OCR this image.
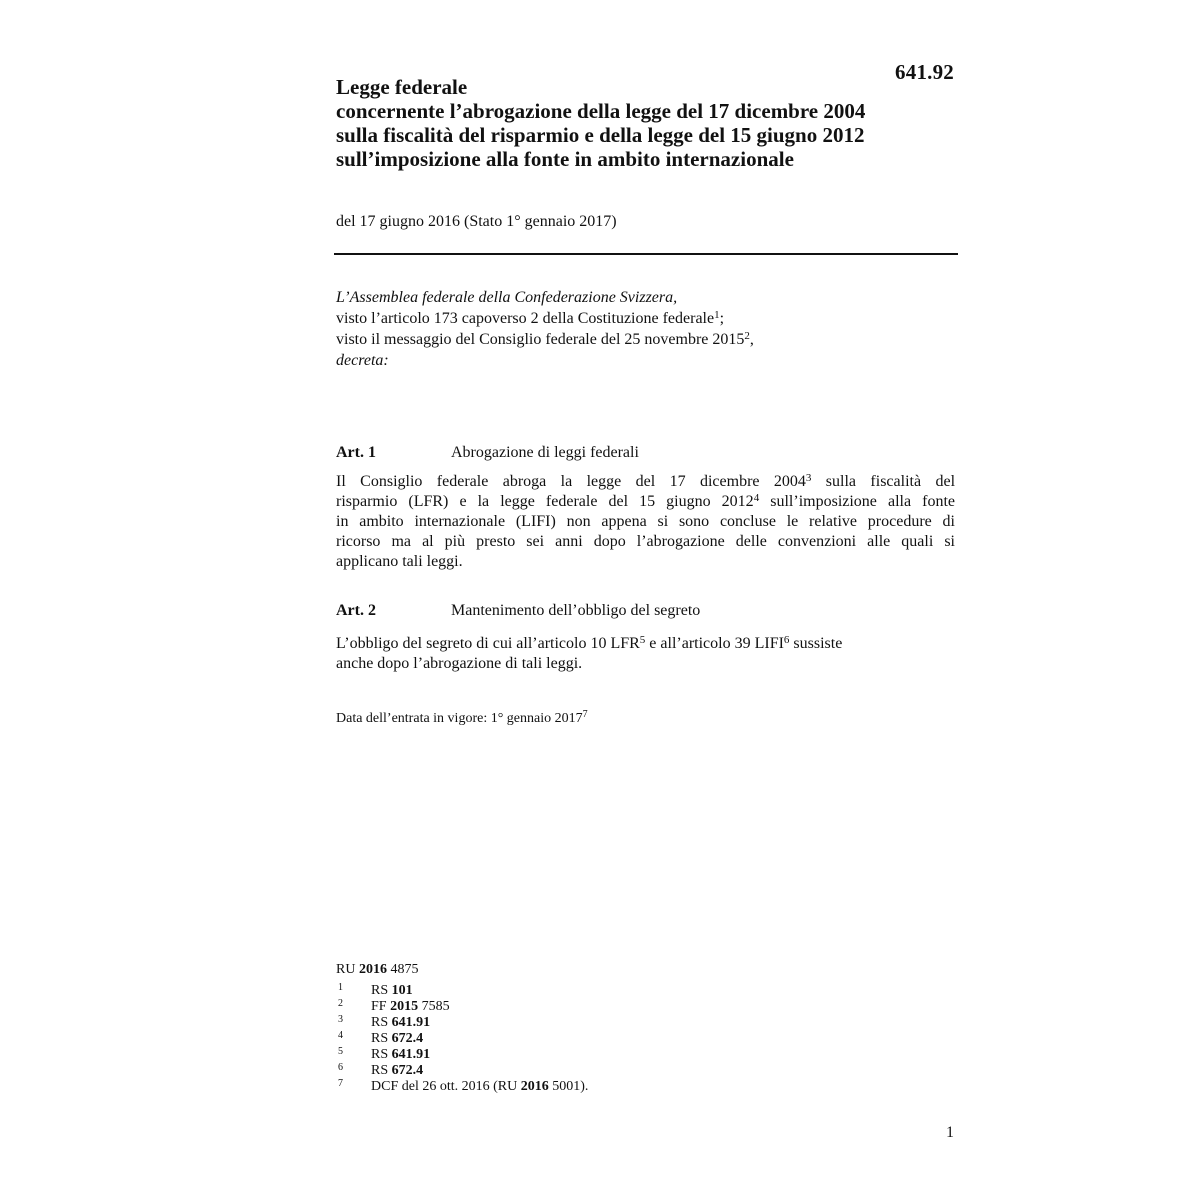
641.92
Legge federale
concernente l’abrogazione della legge del 17 dicembre 2004
sulla fiscalità del risparmio e della legge del 15 giugno 2012
sull’imposizione alla fonte in ambito internazionale
del 17 giugno 2016 (Stato 1° gennaio 2017)
L’Assemblea federale della Confederazione Svizzera,
visto l’articolo 173 capoverso 2 della Costituzione federale$^1$;
visto il messaggio del Consiglio federale del 25 novembre 2015$^2$,
decreta:
Art. 1	Abrogazione di leggi federali
Il Consiglio federale abroga la legge del 17 dicembre 2004$^3$ sulla fiscalità del
risparmio (LFR) e la legge federale del 15 giugno 2012$^4$ sull’imposizione alla fonte
in ambito internazionale (LIFI) non appena si sono concluse le relative procedure di
ricorso ma al più presto sei anni dopo l’abrogazione delle convenzioni alle quali si
applicano tali leggi.
Art. 2	Mantenimento dell’obbligo del segreto
L’obbligo del segreto di cui all’articolo 10 LFR$^5$ e all’articolo 39 LIFI$^6$ sussiste
anche dopo l’abrogazione di tali leggi.
Data dell’entrata in vigore: 1° gennaio 2017$^7$
RU 2016 4875
1 RS 101
2 FF 2015 7585
3 RS 641.91
4 RS 672.4
5 RS 641.91
6 RS 672.4
7 DCF del 26 ott. 2016 (RU 2016 5001).
1
